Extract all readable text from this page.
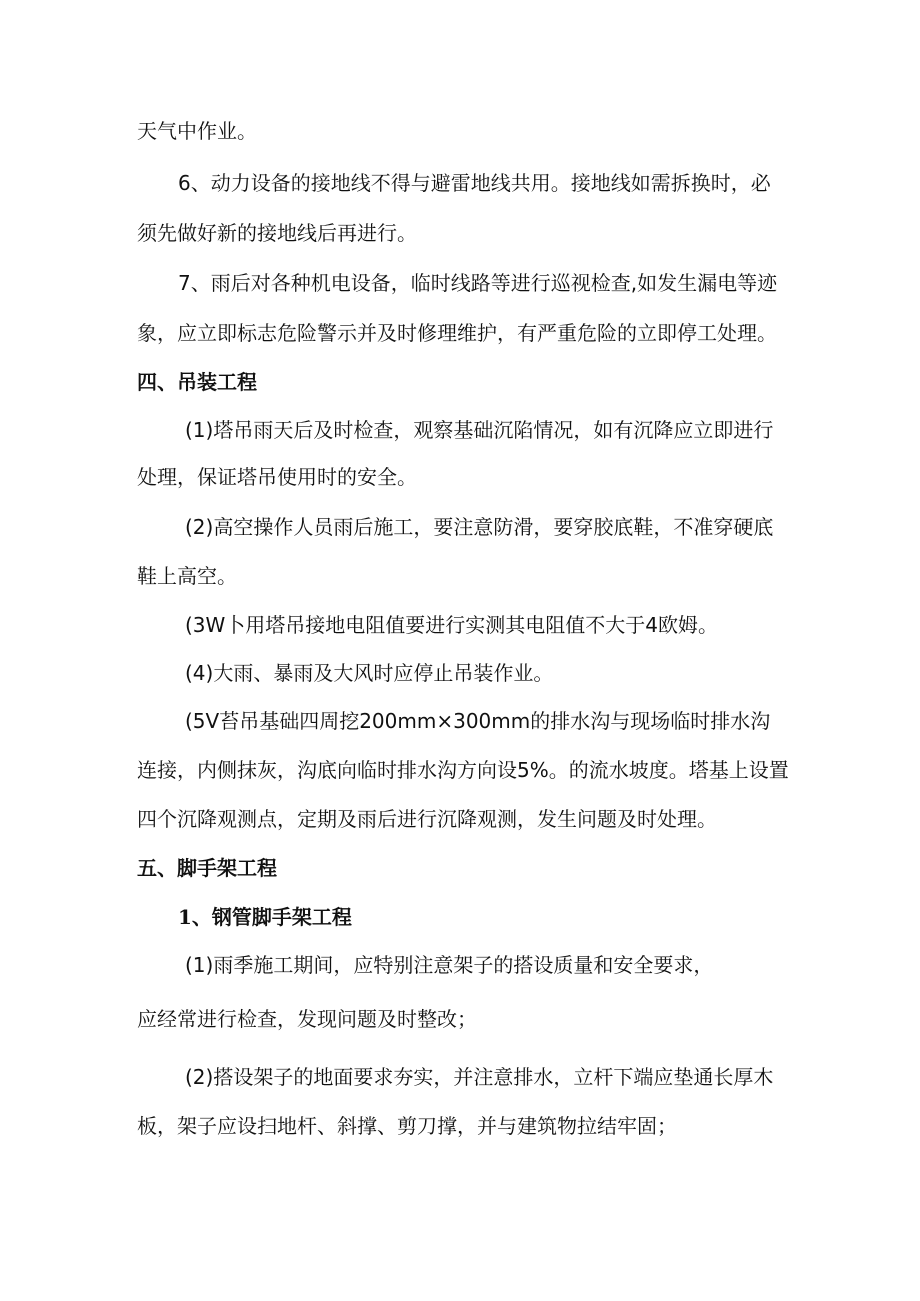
天气中作业。
6、动力设备的接地线不得与避雷地线共用。接地线如需拆换时，必
须先做好新的接地线后再进行。
7、雨后对各种机电设备，临时线路等进行巡视检查,如发生漏电等迹
象，应立即标志危险警示并及时修理维护，有严重危险的立即停工处理。
四、吊装工程
(1)塔吊雨天后及时检查，观察基础沉陷情况，如有沉降应立即进行
处理，保证塔吊使用时的安全。
(2)高空操作人员雨后施工，要注意防滑，要穿胶底鞋，不准穿硬底
鞋上高空。
(3W卜用塔吊接地电阻值要进行实测其电阻值不大于4欧姆。
(4)大雨、暴雨及大风时应停止吊装作业。
(5V苔吊基础四周挖200mm×300mm的排水沟与现场临时排水沟
连接，内侧抹灰，沟底向临时排水沟方向设5%。的流水坡度。塔基上设置
四个沉降观测点，定期及雨后进行沉降观测，发生问题及时处理。
五、脚手架工程
1、钢管脚手架工程
(1)雨季施工期间，应特别注意架子的搭设质量和安全要求，
应经常进行检查，发现问题及时整改；
(2)搭设架子的地面要求夯实，并注意排水，立杆下端应垫通长厚木
板，架子应设扫地杆、斜撑、剪刀撑，并与建筑物拉结牢固；
